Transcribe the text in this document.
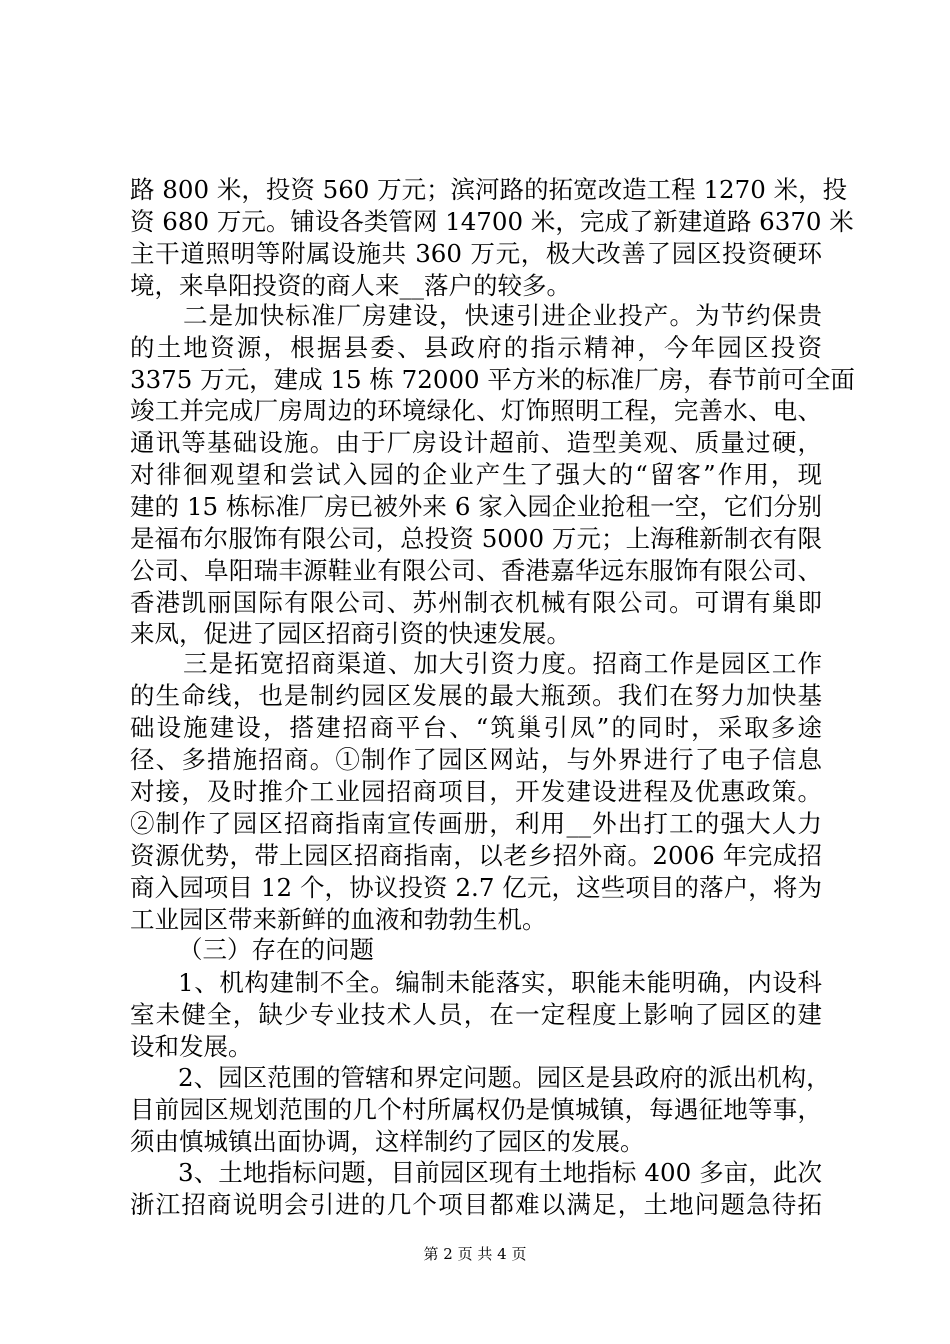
路 800 米，投资 560 万元；滨河路的拓宽改造工程 1270 米，投
资 680 万元。铺设各类管网 14700 米，完成了新建道路 6370 米
主干道照明等附属设施共 360 万元，极大改善了园区投资硬环
境，来阜阳投资的商人来__落户的较多。
二是加快标准厂房建设，快速引进企业投产。为节约保贵
的土地资源，根据县委、县政府的指示精神，今年园区投资
3375 万元，建成 15 栋 72000 平方米的标准厂房，春节前可全面
竣工并完成厂房周边的环境绿化、灯饰照明工程，完善水、电、
通讯等基础设施。由于厂房设计超前、造型美观、质量过硬，
对徘徊观望和尝试入园的企业产生了强大的“留客”作用，现
建的 15 栋标准厂房已被外来 6 家入园企业抢租一空，它们分别
是福布尔服饰有限公司，总投资 5000 万元；上海稚新制衣有限
公司、阜阳瑞丰源鞋业有限公司、香港嘉华远东服饰有限公司、
香港凯丽国际有限公司、苏州制衣机械有限公司。可谓有巢即
来凤，促进了园区招商引资的快速发展。
三是拓宽招商渠道、加大引资力度。招商工作是园区工作
的生命线，也是制约园区发展的最大瓶颈。我们在努力加快基
础设施建设，搭建招商平台、“筑巢引凤”的同时，采取多途
径、多措施招商。①制作了园区网站，与外界进行了电子信息
对接，及时推介工业园招商项目，开发建设进程及优惠政策。
②制作了园区招商指南宣传画册，利用__外出打工的强大人力
资源优势，带上园区招商指南，以老乡招外商。2006 年完成招
商入园项目 12 个，协议投资 2.7 亿元，这些项目的落户，将为
工业园区带来新鲜的血液和勃勃生机。
（三）存在的问题
1、机构建制不全。编制未能落实，职能未能明确，内设科
室未健全，缺少专业技术人员，在一定程度上影响了园区的建
设和发展。
2、园区范围的管辖和界定问题。园区是县政府的派出机构，
目前园区规划范围的几个村所属权仍是慎城镇，每遇征地等事，
须由慎城镇出面协调，这样制约了园区的发展。
3、土地指标问题，目前园区现有土地指标 400 多亩，此次
浙江招商说明会引进的几个项目都难以满足，土地问题急待拓
第 2 页 共 4 页
